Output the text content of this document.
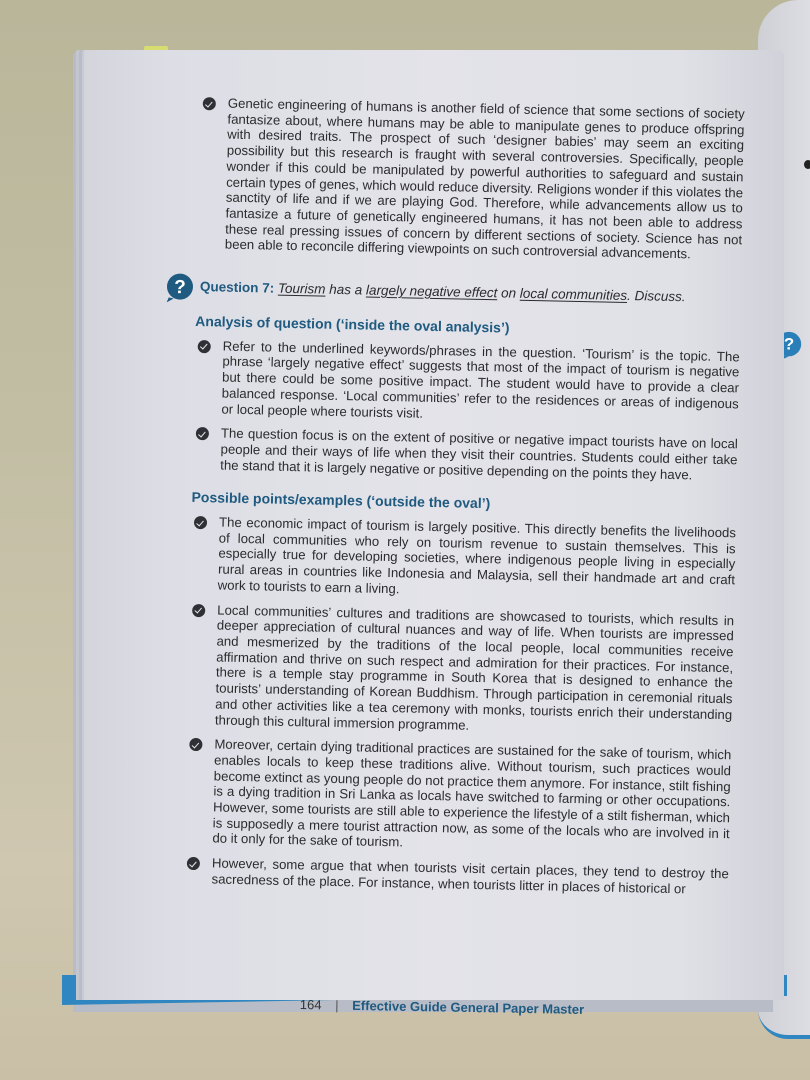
?
Genetic engineering of humans is another field of science that some sections of society fantasize about, where humans may be able to manipulate genes to produce offspring with desired traits. The prospect of such ‘designer babies’ may seem an exciting possibility but this research is fraught with several controversies. Specifically, people wonder if this could be manipulated by powerful authorities to safeguard and sustain certain types of genes, which would reduce diversity. Religions wonder if this violates the sanctity of life and if we are playing God. Therefore, while advancements allow us to fantasize a future of genetically engineered humans, it has not been able to address these real pressing issues of concern by different sections of society. Science has not been able to reconcile differing viewpoints on such controversial advancements.
? Question 7: Tourism has a largely negative effect on local communities. Discuss.
Analysis of question (‘inside the oval analysis’)
Refer to the underlined keywords/phrases in the question. ‘Tourism’ is the topic. The phrase ‘largely negative effect’ suggests that most of the impact of tourism is negative but there could be some positive impact. The student would have to provide a clear balanced response. ‘Local communities’ refer to the residences or areas of indigenous or local people where tourists visit.
The question focus is on the extent of positive or negative impact tourists have on local people and their ways of life when they visit their countries. Students could either take the stand that it is largely negative or positive depending on the points they have.
Possible points/examples (‘outside the oval’)
The economic impact of tourism is largely positive. This directly benefits the livelihoods of local communities who rely on tourism revenue to sustain themselves. This is especially true for developing societies, where indigenous people living in especially rural areas in countries like Indonesia and Malaysia, sell their handmade art and craft work to tourists to earn a living.
Local communities’ cultures and traditions are showcased to tourists, which results in deeper appreciation of cultural nuances and way of life. When tourists are impressed and mesmerized by the traditions of the local people, local communities receive affirmation and thrive on such respect and admiration for their practices. For instance, there is a temple stay programme in South Korea that is designed to enhance the tourists’ understanding of Korean Buddhism. Through participation in ceremonial rituals and other activities like a tea ceremony with monks, tourists enrich their understanding through this cultural immersion programme.
Moreover, certain dying traditional practices are sustained for the sake of tourism, which enables locals to keep these traditions alive. Without tourism, such practices would become extinct as young people do not practice them anymore. For instance, stilt fishing is a dying tradition in Sri Lanka as locals have switched to farming or other occupations. However, some tourists are still able to experience the lifestyle of a stilt fisherman, which is supposedly a mere tourist attraction now, as some of the locals who are involved in it do it only for the sake of tourism.
However, some argue that when tourists visit certain places, they tend to destroy the sacredness of the place. For instance, when tourists litter in places of historical or
164 | Effective Guide General Paper Master
